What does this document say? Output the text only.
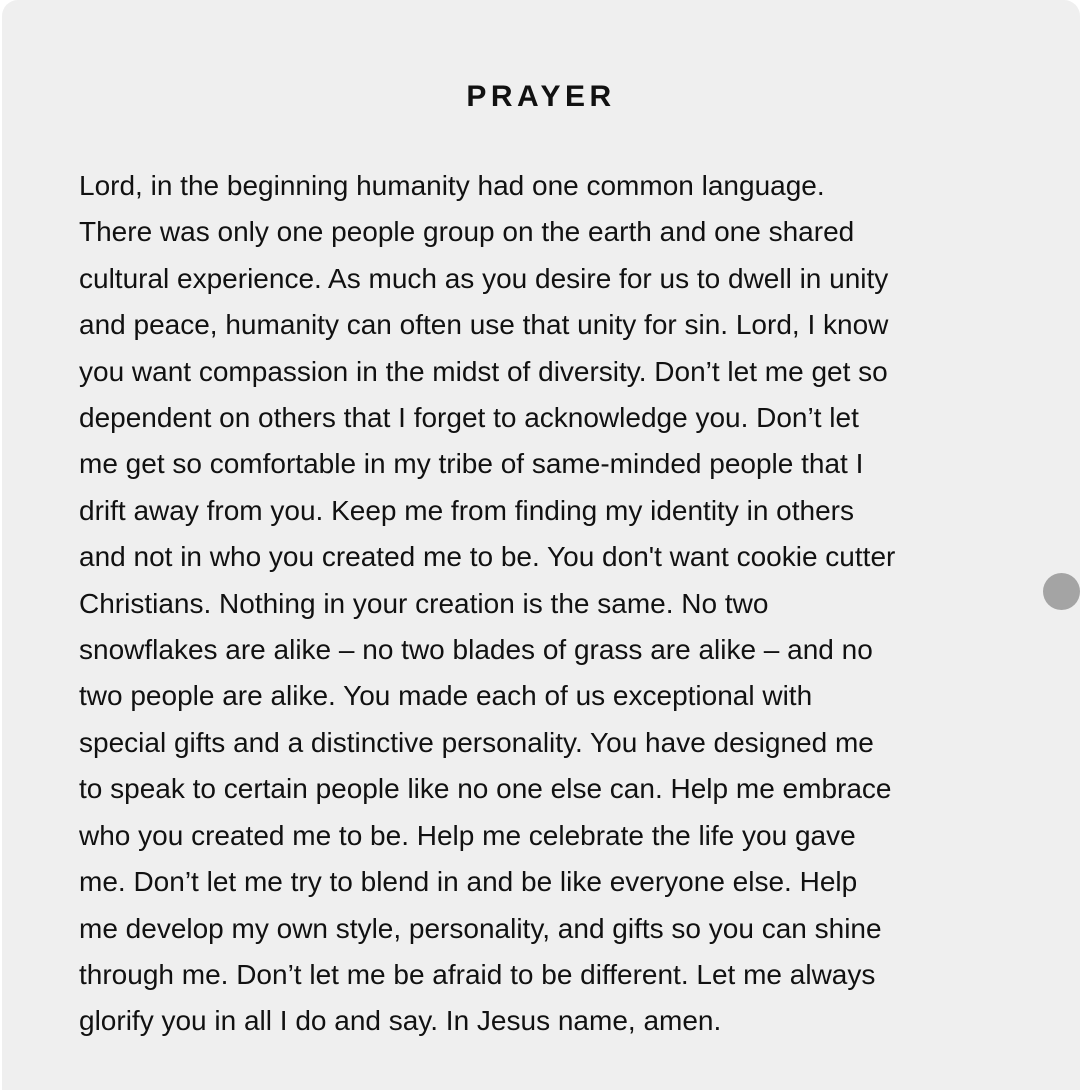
PRAYER
Lord, in the beginning humanity had one common language.
There was only one people group on the earth and one shared
cultural experience. As much as you desire for us to dwell in unity
and peace, humanity can often use that unity for sin. Lord, I know
you want compassion in the midst of diversity. Don’t let me get so
dependent on others that I forget to acknowledge you. Don’t let
me get so comfortable in my tribe of same-minded people that I
drift away from you. Keep me from finding my identity in others
and not in who you created me to be. You don't want cookie cutter
Christians. Nothing in your creation is the same. No two
snowflakes are alike – no two blades of grass are alike – and no
two people are alike. You made each of us exceptional with
special gifts and a distinctive personality. You have designed me
to speak to certain people like no one else can. Help me embrace
who you created me to be. Help me celebrate the life you gave
me. Don’t let me try to blend in and be like everyone else. Help
me develop my own style, personality, and gifts so you can shine
through me. Don’t let me be afraid to be different. Let me always
glorify you in all I do and say. In Jesus name, amen.
